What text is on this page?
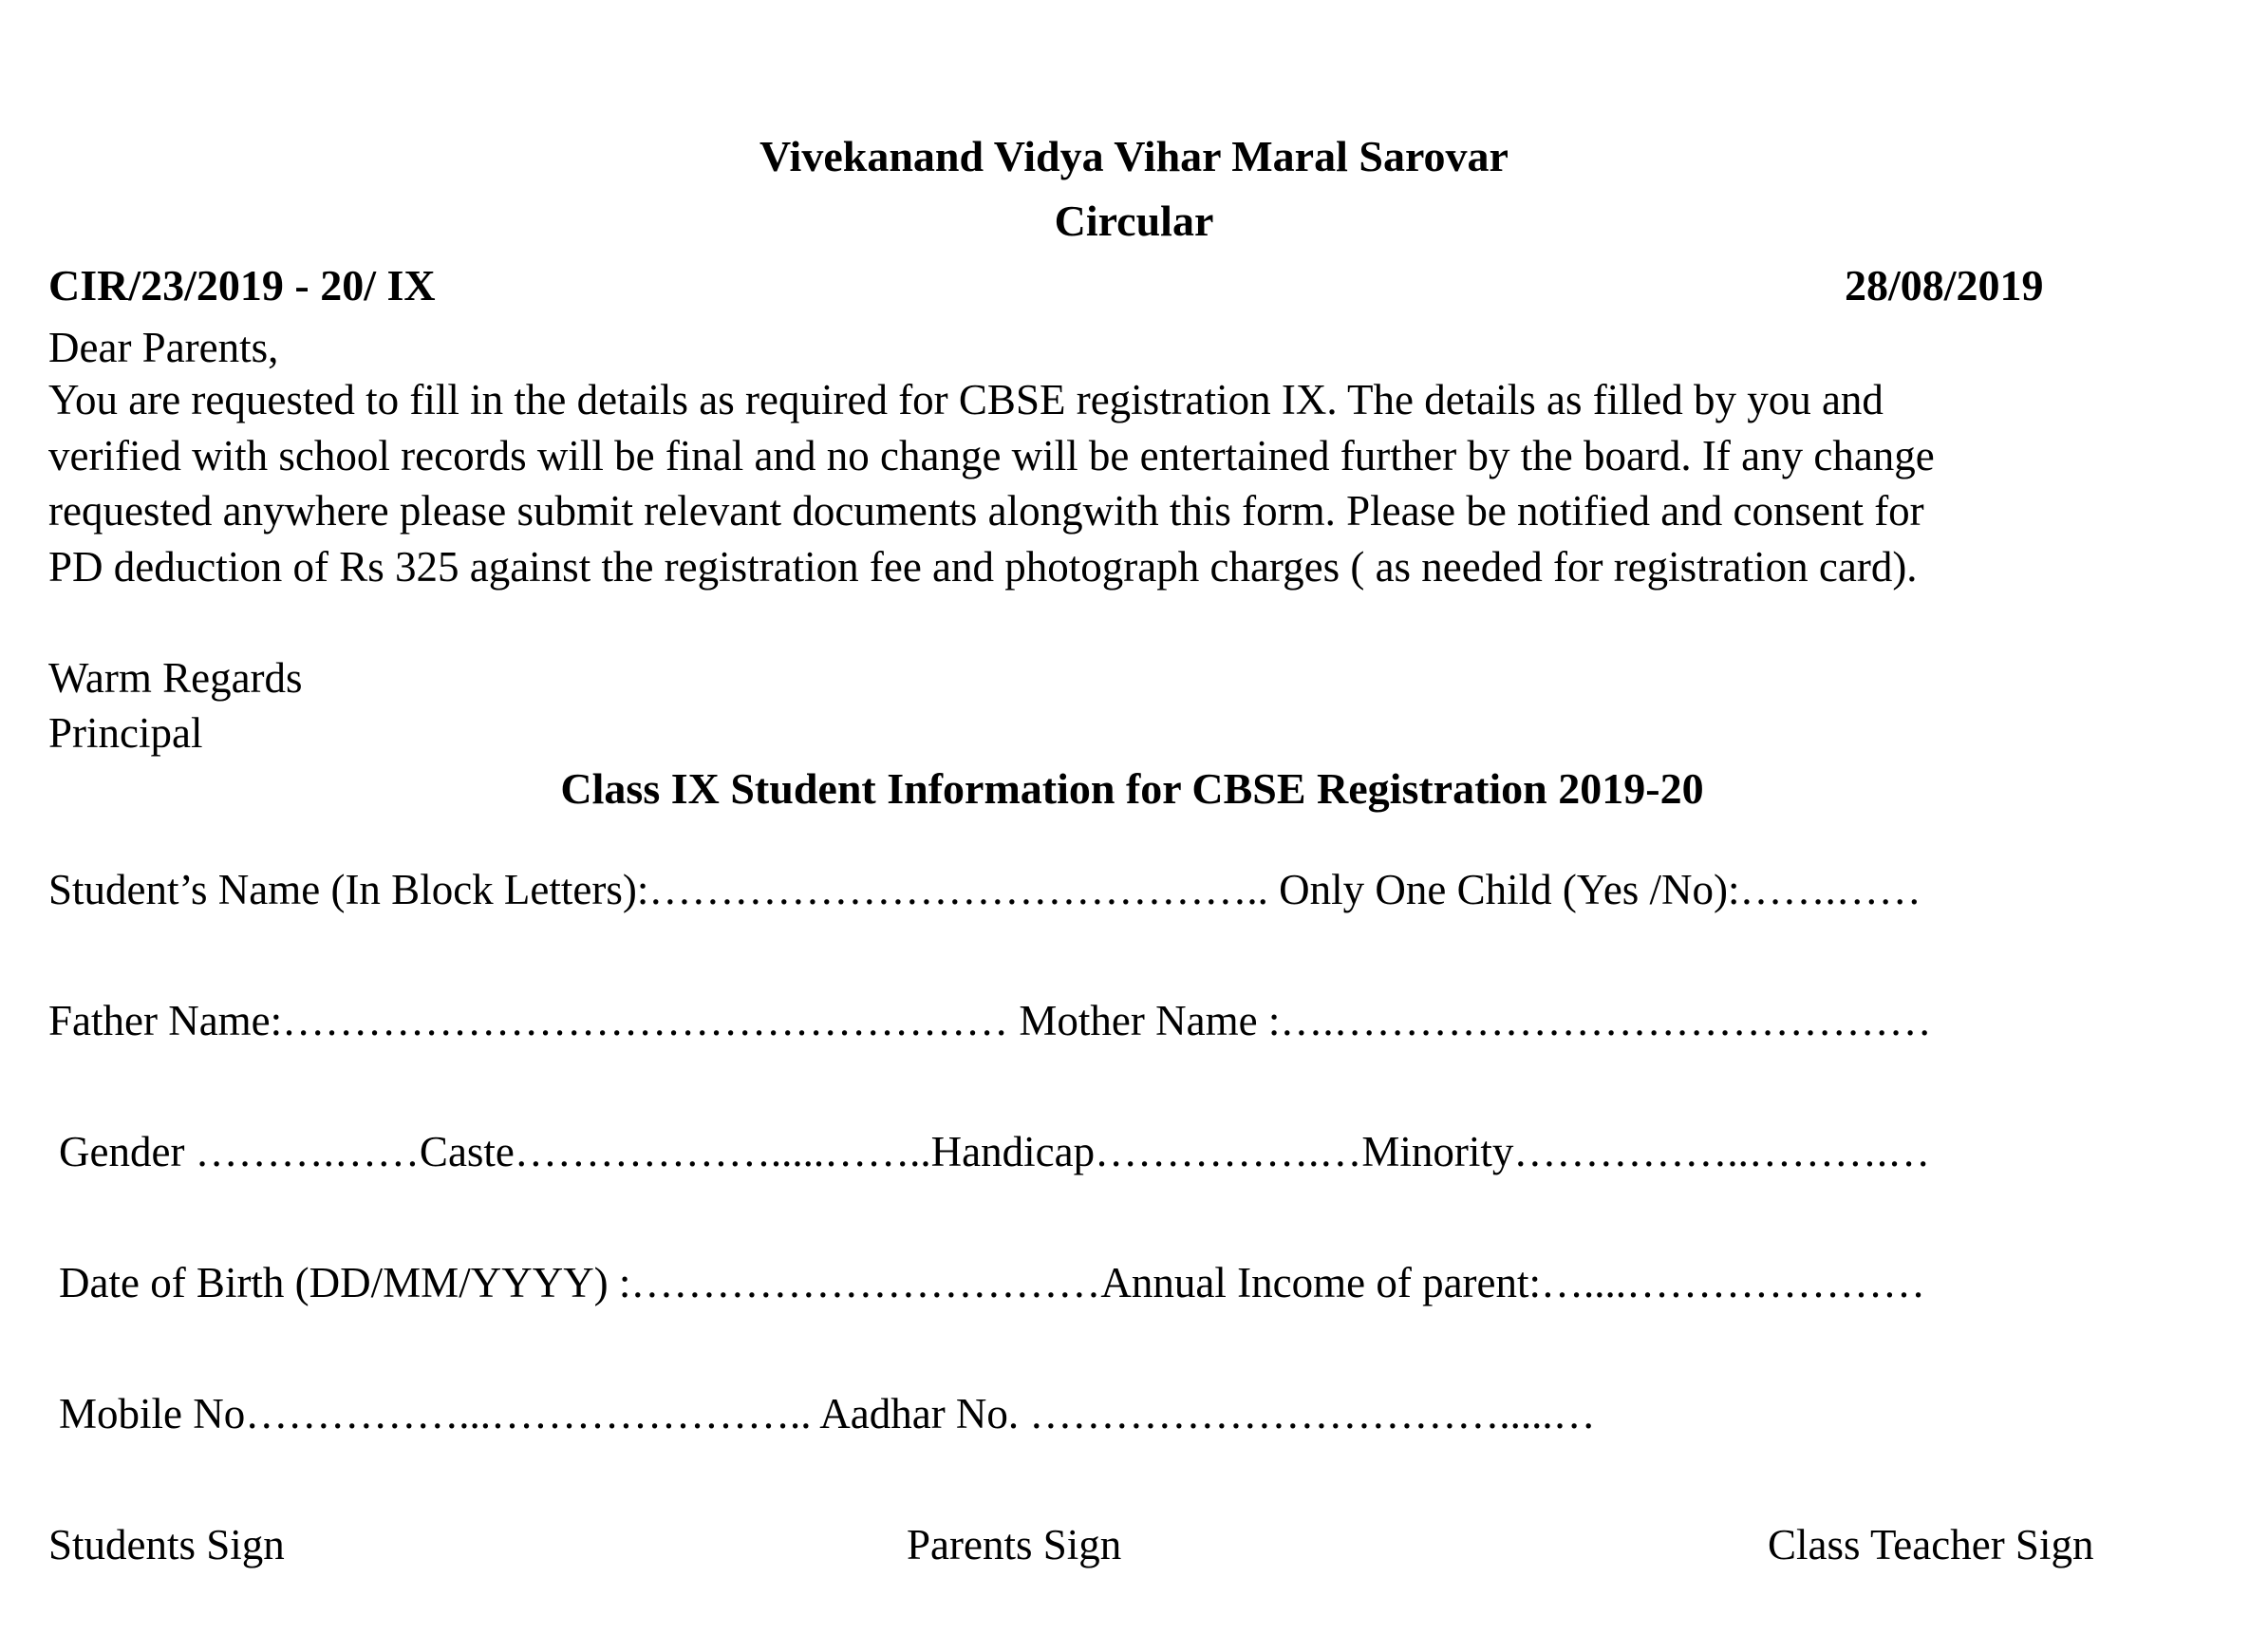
Vivekanand Vidya Vihar Maral Sarovar
Circular
CIR/23/2019 - 20/ IX	28/08/2019
Dear Parents,
You are requested to fill in the details as required for CBSE registration IX. The details as filled by you and
verified with school records will be final and no change will be entertained further by the board. If any change
requested anywhere please submit relevant documents alongwith this form. Please be notified and consent for
PD deduction of Rs 325 against the registration fee and photograph charges ( as needed for registration card).
Warm Regards
Principal
Class IX Student Information for CBSE Registration 2019-20
Student’s Name (In Block Letters):…………………………………….. Only One Child (Yes /No):…….……
Father Name:…………………………………………… Mother Name :….……………………………………
Gender ……….……Caste……………….....……..Handicap…………….…Minority……………..……….…
Date of Birth (DD/MM/YYYY) :……………………………Annual Income of parent:…....…………………
Mobile No……………...………………….. Aadhar No. …………………………….....…
Students Sign	Parents Sign	Class Teacher Sign
